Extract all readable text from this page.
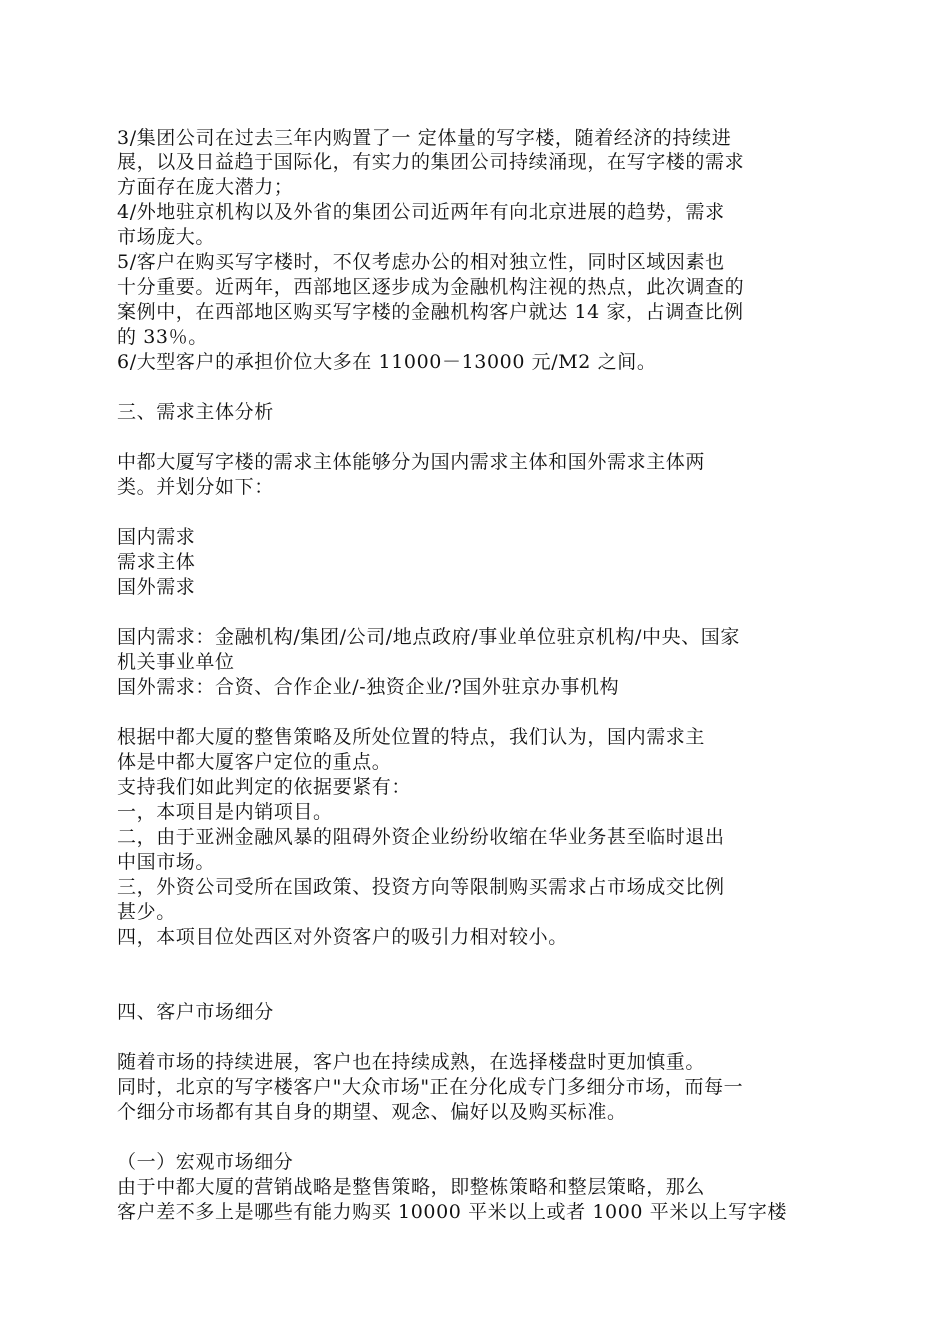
3/集团公司在过去三年内购置了一 定体量的写字楼，随着经济的持续进
展，以及日益趋于国际化，有实力的集团公司持续涌现，在写字楼的需求
方面存在庞大潜力；
4/外地驻京机构以及外省的集团公司近两年有向北京进展的趋势，需求
市场庞大。
5/客户在购买写字楼时，不仅考虑办公的相对独立性，同时区域因素也
十分重要。近两年，西部地区逐步成为金融机构注视的热点，此次调查的
案例中，在西部地区购买写字楼的金融机构客户就达 14 家，占调查比例
的 33％。
6/大型客户的承担价位大多在 11000－13000 元/M2 之间。
三、需求主体分析
中都大厦写字楼的需求主体能够分为国内需求主体和国外需求主体两
类。并划分如下：
国内需求
需求主体
国外需求
国内需求：金融机构/集团/公司/地点政府/事业单位驻京机构/中央、国家
机关事业单位
国外需求：合资、合作企业/-独资企业/?国外驻京办事机构
根据中都大厦的整售策略及所处位置的特点，我们认为，国内需求主
体是中都大厦客户定位的重点。
支持我们如此判定的依据要紧有：
一，本项目是内销项目。
二，由于亚洲金融风暴的阻碍外资企业纷纷收缩在华业务甚至临时退出
中国市场。
三，外资公司受所在国政策、投资方向等限制购买需求占市场成交比例
甚少。
四，本项目位处西区对外资客户的吸引力相对较小。
四、客户市场细分
随着市场的持续进展，客户也在持续成熟，在选择楼盘时更加慎重。
同时，北京的写字楼客户"大众市场"正在分化成专门多细分市场，而每一
个细分市场都有其自身的期望、观念、偏好以及购买标准。
（一）宏观市场细分
由于中都大厦的营销战略是整售策略，即整栋策略和整层策略，那么
客户差不多上是哪些有能力购买 10000 平米以上或者 1000 平米以上写字楼
